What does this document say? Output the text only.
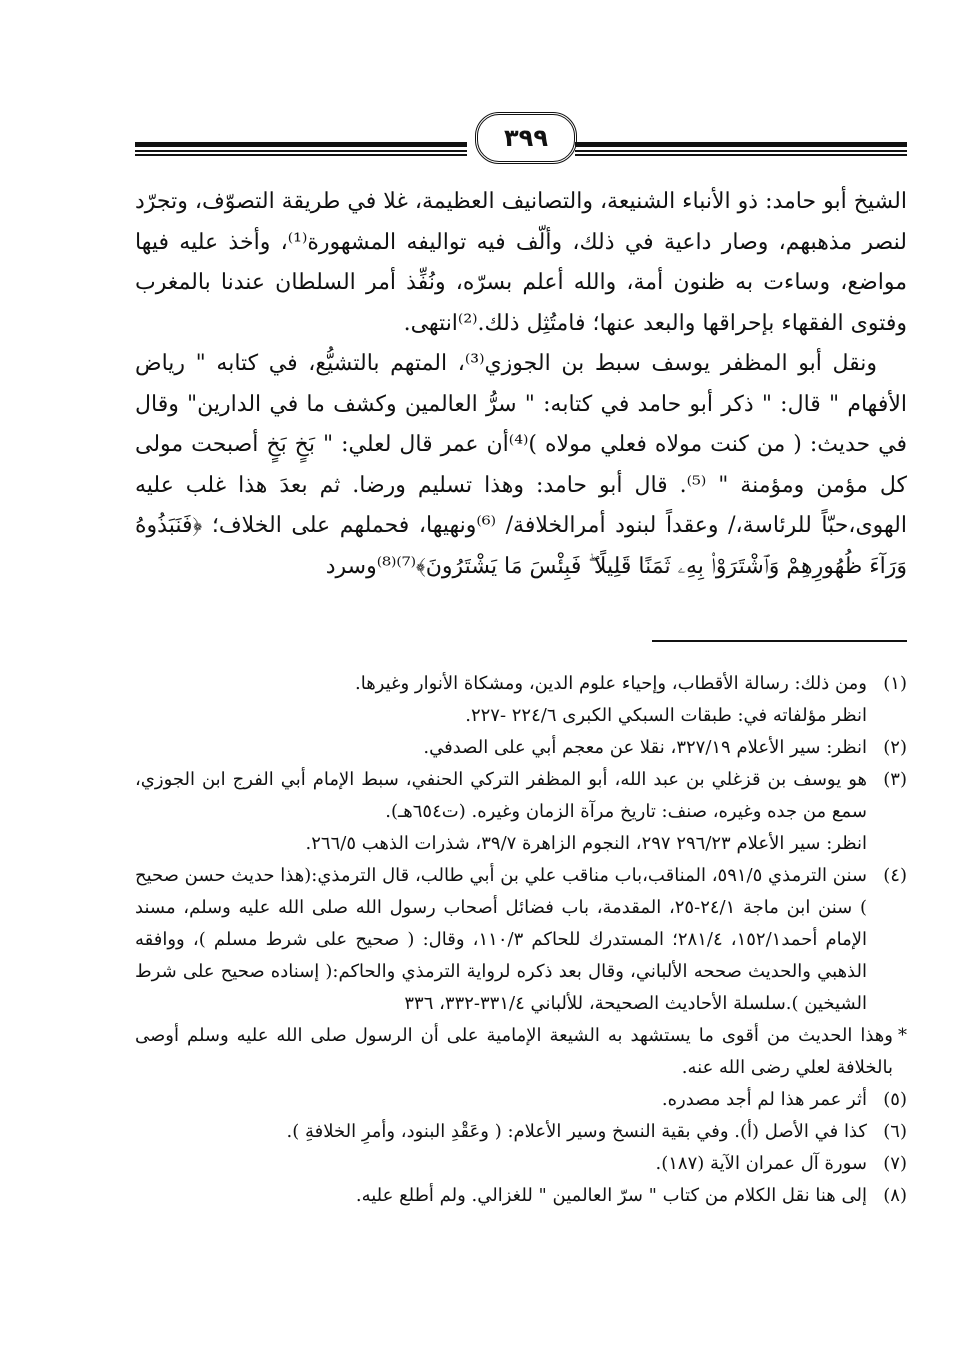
٣٩٩

الشيخ أبو حامد: ذو الأنباء الشنيعة، والتصانيف العظيمة، غلا في طريقة التصوّف، وتجرّد لنصر مذهبهم، وصار داعية في ذلك، وألّف فيه تواليفه المشهورة⁽¹⁾، وأخذ عليه فيها مواضع، وساءت به ظنون أمة، والله أعلم بسرّه، ونُفِّذ أمر السلطان عندنا بالمغرب وفتوى الفقهاء بإحراقها والبعد عنها؛ فامتُثِل ذلك.⁽²⁾انتهى.

ونقل أبو المظفر يوسف سبط بن الجوزي⁽³⁾، المتهم بالتشيُّع، في كتابه " رياض الأفهام " قال: " ذكر أبو حامد في كتابه: " سرُّ العالمين وكشف ما في الدارين" وقال في حديث: ( من كنت مولاه فعلي مولاه )⁽⁴⁾أن عمر قال لعلي: " بَخٍ بَخٍ أصبحت مولى كل مؤمن ومؤمنة " ⁽⁵⁾. قال أبو حامد: وهذا تسليم ورضا. ثم بعدَ هذا غلب عليه الهوى،حبّاً للرئاسة،/ وعقداً لبنود أمرالخلافة/ ⁽⁶⁾ونهيها، فحملهم على الخلاف؛ ﴿فَنَبَذُوهُ وَرَآءَ ظُهُورِهِمْ وَٱشْتَرَوْا۟ بِهِۦ ثَمَنًا قَلِيلًا ۖ فَبِئْسَ مَا يَشْتَرُونَ﴾⁽⁷⁾⁽⁸⁾وسرد

(١)
ومن ذلك: رسالة الأقطاب، وإحياء علوم الدين، ومشكاة الأنوار وغيرها.
انظر مؤلفاته في: طبقات السبكي الكبرى ٢٢٤/٦ -٢٢٧.
(٢)
انظر: سير الأعلام ٣٢٧/١٩، نقلا عن معجم أبي على الصدفي.
(٣)
هو يوسف بن قزغلي بن عبد الله، أبو المظفر التركي الحنفي، سبط الإمام أبي الفرج ابن الجوزي، سمع من جده وغيره، صنف: تاريخ مرآة الزمان وغيره. (ت٦٥٤هـ).
انظر: سير الأعلام ٢٩٦/٢٣ ٢٩٧، النجوم الزاهرة ٣٩/٧، شذرات الذهب ٢٦٦/٥.
(٤)
سنن الترمذي ٥٩١/٥، المناقب،باب مناقب علي بن أبي طالب، قال الترمذي:(هذا حديث حسن صحيح ) سنن ابن ماجة ٢٤/١-٢٥، المقدمة، باب فضائل أصحاب رسول الله صلى الله عليه وسلم، مسند الإمام أحمد١٥٢/١، ٢٨١/٤؛ المستدرك للحاكم ١١٠/٣، وقال: ( صحيح على شرط مسلم )، ووافقه الذهبي والحديث صححه الألباني، وقال بعد ذكره لرواية الترمذي والحاكم:( إسناده صحيح على شرط الشيخين ).سلسلة الأحاديث الصحيحة، للألباني ٣٣١/٤-٣٣٢، ٣٣٦
*
وهذا الحديث من أقوى ما يستشهد به الشيعة الإمامية على أن الرسول صلى الله عليه وسلم أوصى بالخلافة لعلي رضى الله عنه.
(٥)
أثر عمر هذا لم أجد مصدره.
(٦)
كذا في الأصل (أ). وفي بقية النسخ وسير الأعلام: ( وعَقْدِ البنود، وأمرِ الخلافةِ ).
(٧)
سورة آل عمران الآية (١٨٧).
(٨)
إلى هنا نقل الكلام من كتاب " سرّ العالمين " للغزالي. ولم أطلع عليه.
